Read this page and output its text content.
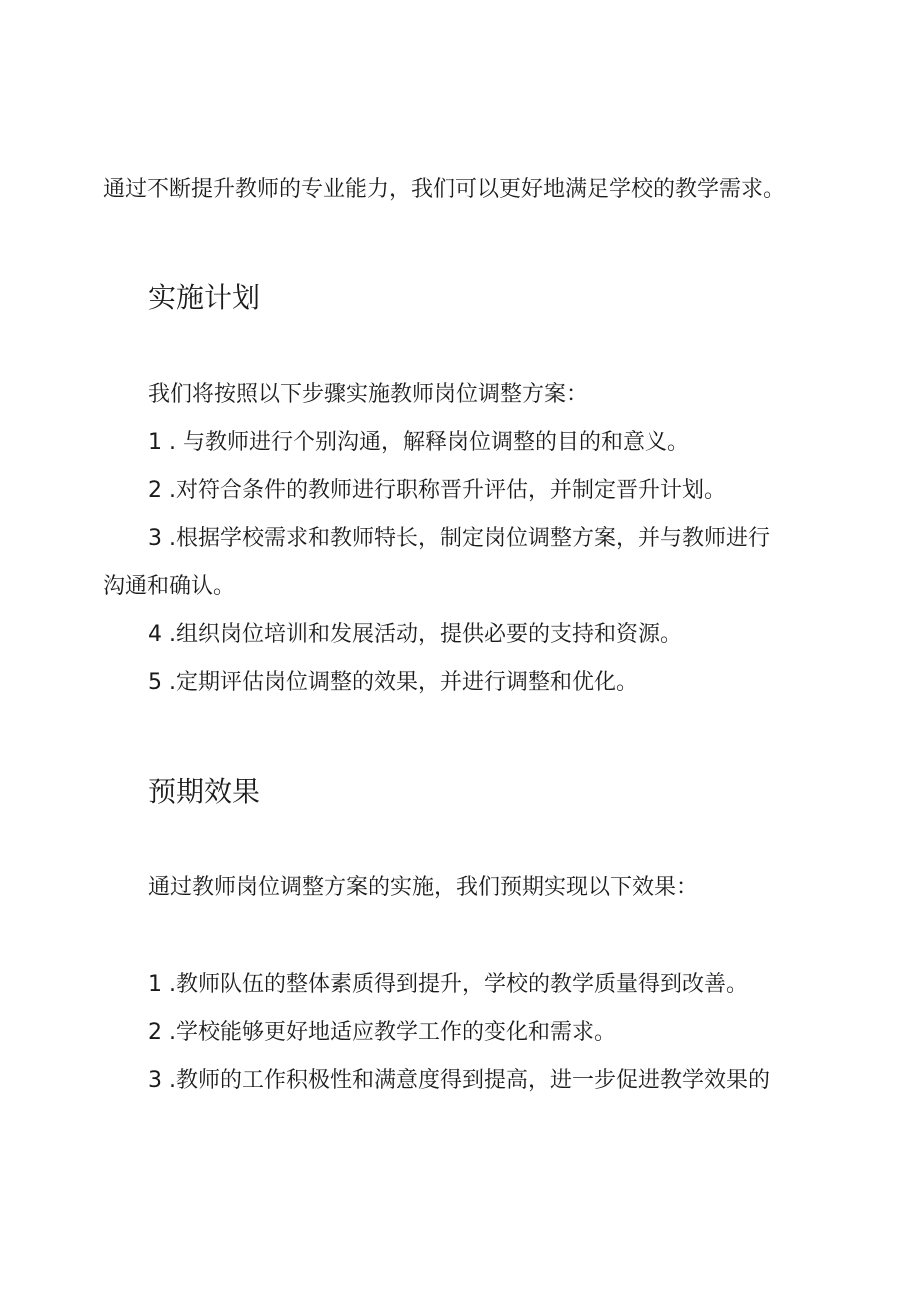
通过不断提升教师的专业能力，我们可以更好地满足学校的教学需求。
实施计划
我们将按照以下步骤实施教师岗位调整方案：
1 . 与教师进行个别沟通，解释岗位调整的目的和意义。
2 .对符合条件的教师进行职称晋升评估，并制定晋升计划。
3 .根据学校需求和教师特长，制定岗位调整方案，并与教师进行
沟通和确认。
4 .组织岗位培训和发展活动，提供必要的支持和资源。
5 .定期评估岗位调整的效果，并进行调整和优化。
预期效果
通过教师岗位调整方案的实施，我们预期实现以下效果：
1 .教师队伍的整体素质得到提升，学校的教学质量得到改善。
2 .学校能够更好地适应教学工作的变化和需求。
3 .教师的工作积极性和满意度得到提高，进一步促进教学效果的
